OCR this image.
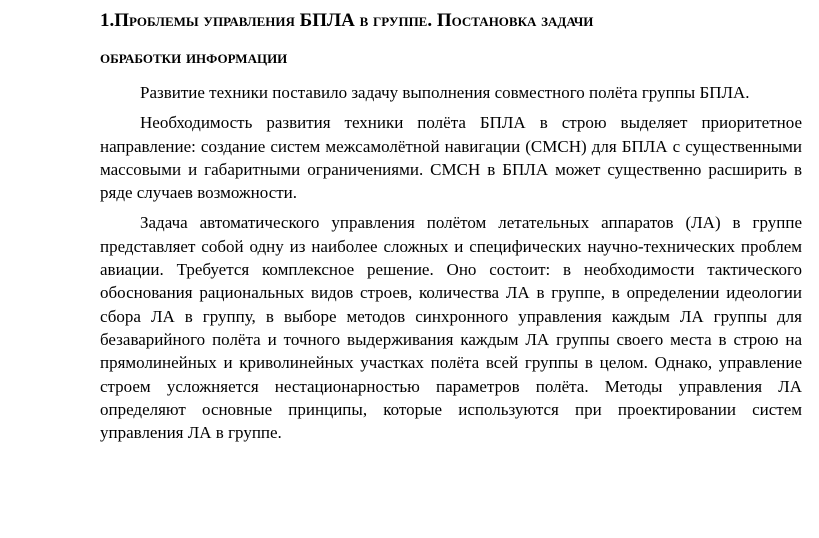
1.Проблемы управления БПЛА в группе. Постановка задачи
обработки информации

Развитие техники поставило задачу выполнения совместного полёта группы БПЛА.

Необходимость развития техники полёта БПЛА в строю выделяет приоритетное направление: создание систем межсамолётной навигации (СМСН) для БПЛА с существенными массовыми и габаритными ограничениями. СМСН в БПЛА может существенно расширить в ряде случаев возможности.

Задача автоматического управления полётом летательных аппаратов (ЛА) в группе представляет собой одну из наиболее сложных и специфических научно-технических проблем авиации. Требуется комплексное решение. Оно состоит: в необходимости тактического обоснования рациональных видов строев, количества ЛА в группе, в определении идеологии сбора ЛА в группу, в выборе методов синхронного управления каждым ЛА группы для безаварийного полёта и точного выдерживания каждым ЛА группы своего места в строю на прямолинейных и криволинейных участках полёта всей группы в целом. Однако, управление строем усложняется нестационарностью параметров полёта. Методы управления ЛА определяют основные принципы, которые используются при проектировании систем управления ЛА в группе.
